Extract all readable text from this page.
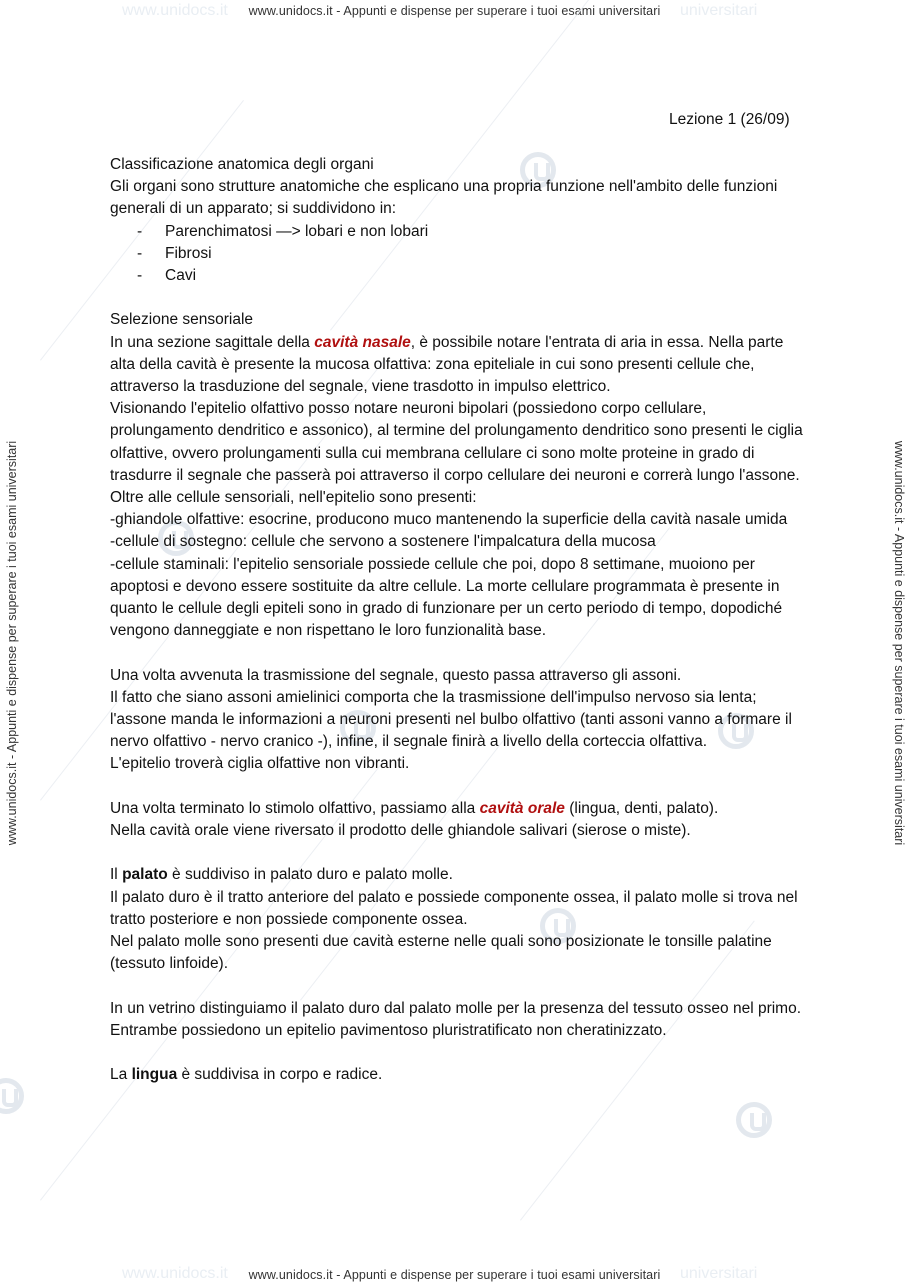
www.unidocs.it	universitari
www.unidocs.it	universitari
www.unidocs.it - Appunti e dispense per superare i tuoi esami universitari
www.unidocs.it - Appunti e dispense per superare i tuoi esami universitari
www.unidocs.it - Appunti e dispense per superare i tuoi esami universitari	www.unidocs.it - Appunti e dispense per superare i tuoi esami universitari
Lezione 1 (26/09)

Classificazione anatomica degli organi

Gli organi sono strutture anatomiche che esplicano una propria funzione nell'ambito delle funzioni generali di un apparato; si suddividono in:

- Parenchimatosi —> lobari e non lobari

- Fibrosi

- Cavi

Selezione sensoriale

In una sezione sagittale della cavità nasale, è possibile notare l'entrata di aria in essa. Nella parte alta della cavità è presente la mucosa olfattiva: zona epiteliale in cui sono presenti cellule che, attraverso la trasduzione del segnale, viene trasdotto in impulso elettrico.

Visionando l'epitelio olfattivo posso notare neuroni bipolari (possiedono corpo cellulare, prolungamento dendritico e assonico), al termine del prolungamento dendritico sono presenti le ciglia olfattive, ovvero prolungamenti sulla cui membrana cellulare ci sono molte proteine in grado di trasdurre il segnale che passerà poi attraverso il corpo cellulare dei neuroni e correrà lungo l'assone.

Oltre alle cellule sensoriali, nell'epitelio sono presenti:

-ghiandole olfattive: esocrine, producono muco mantenendo la superficie della cavità nasale umida

-cellule di sostegno: cellule che servono a sostenere l'impalcatura della mucosa

-cellule staminali: l'epitelio sensoriale possiede cellule che poi, dopo 8 settimane, muoiono per apoptosi e devono essere sostituite da altre cellule. La morte cellulare programmata è presente in quanto le cellule degli epiteli sono in grado di funzionare per un certo periodo di tempo, dopodiché vengono danneggiate e non rispettano le loro funzionalità base.

Una volta avvenuta la trasmissione del segnale, questo passa attraverso gli assoni.

Il fatto che siano assoni amielinici comporta che la trasmissione dell'impulso nervoso sia lenta; l'assone manda le informazioni a neuroni presenti nel bulbo olfattivo (tanti assoni vanno a formare il nervo olfattivo - nervo cranico -), infine, il segnale finirà a livello della corteccia olfattiva.

L'epitelio troverà ciglia olfattive non vibranti.

Una volta terminato lo stimolo olfattivo, passiamo alla cavità orale (lingua, denti, palato).

Nella cavità orale viene riversato il prodotto delle ghiandole salivari (sierose o miste).

Il palato è suddiviso in palato duro e palato molle.

Il palato duro è il tratto anteriore del palato e possiede componente ossea, il palato molle si trova nel tratto posteriore e non possiede componente ossea.

Nel palato molle sono presenti due cavità esterne nelle quali sono posizionate le tonsille palatine (tessuto linfoide).

In un vetrino distinguiamo il palato duro dal palato molle per la presenza del tessuto osseo nel primo.

Entrambe possiedono un epitelio pavimentoso pluristratificato non cheratinizzato.

La lingua è suddivisa in corpo e radice.
